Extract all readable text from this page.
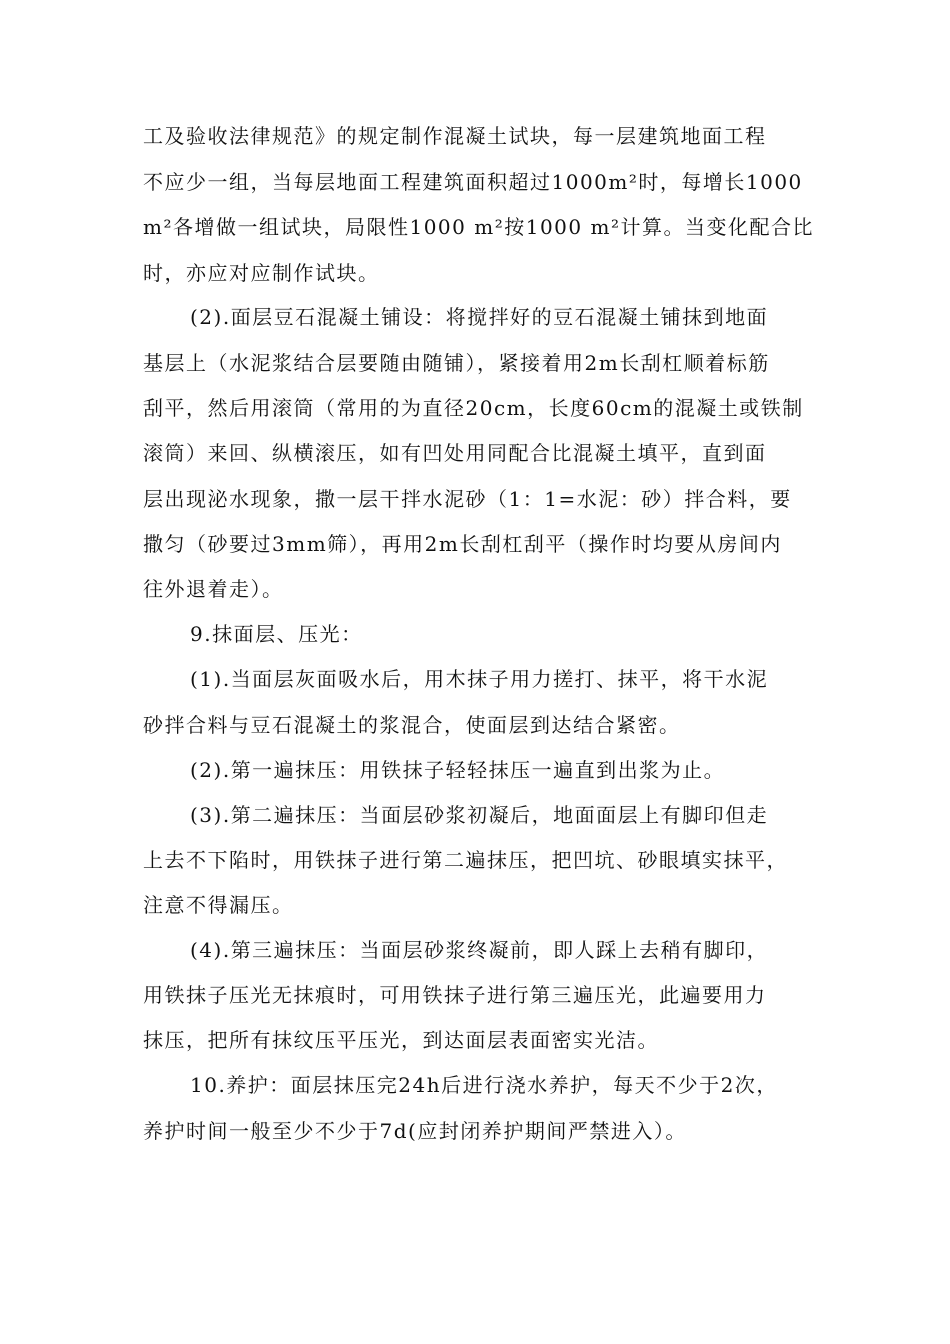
工及验收法律规范》的规定制作混凝土试块，每一层建筑地面工程
不应少一组，当每层地面工程建筑面积超过1000m²时，每增长1000
m²各增做一组试块，局限性1000 m²按1000 m²计算。当变化配合比
时，亦应对应制作试块。
(2).面层豆石混凝土铺设：将搅拌好的豆石混凝土铺抹到地面
基层上（水泥浆结合层要随由随铺），紧接着用2m长刮杠顺着标筋
刮平，然后用滚筒（常用的为直径20cm，长度60cm的混凝土或铁制
滚筒）来回、纵横滚压，如有凹处用同配合比混凝土填平，直到面
层出现泌水现象，撒一层干拌水泥砂（1：1=水泥：砂）拌合料，要
撒匀（砂要过3mm筛），再用2m长刮杠刮平（操作时均要从房间内
往外退着走）。
9.抹面层、压光：
(1).当面层灰面吸水后，用木抹子用力搓打、抹平，将干水泥
砂拌合料与豆石混凝土的浆混合，使面层到达结合紧密。
(2).第一遍抹压：用铁抹子轻轻抹压一遍直到出浆为止。
(3).第二遍抹压：当面层砂浆初凝后，地面面层上有脚印但走
上去不下陷时，用铁抹子进行第二遍抹压，把凹坑、砂眼填实抹平，
注意不得漏压。
(4).第三遍抹压：当面层砂浆终凝前，即人踩上去稍有脚印，
用铁抹子压光无抹痕时，可用铁抹子进行第三遍压光，此遍要用力
抹压，把所有抹纹压平压光，到达面层表面密实光洁。
10.养护：面层抹压完24h后进行浇水养护，每天不少于2次，
养护时间一般至少不少于7d(应封闭养护期间严禁进入）。
